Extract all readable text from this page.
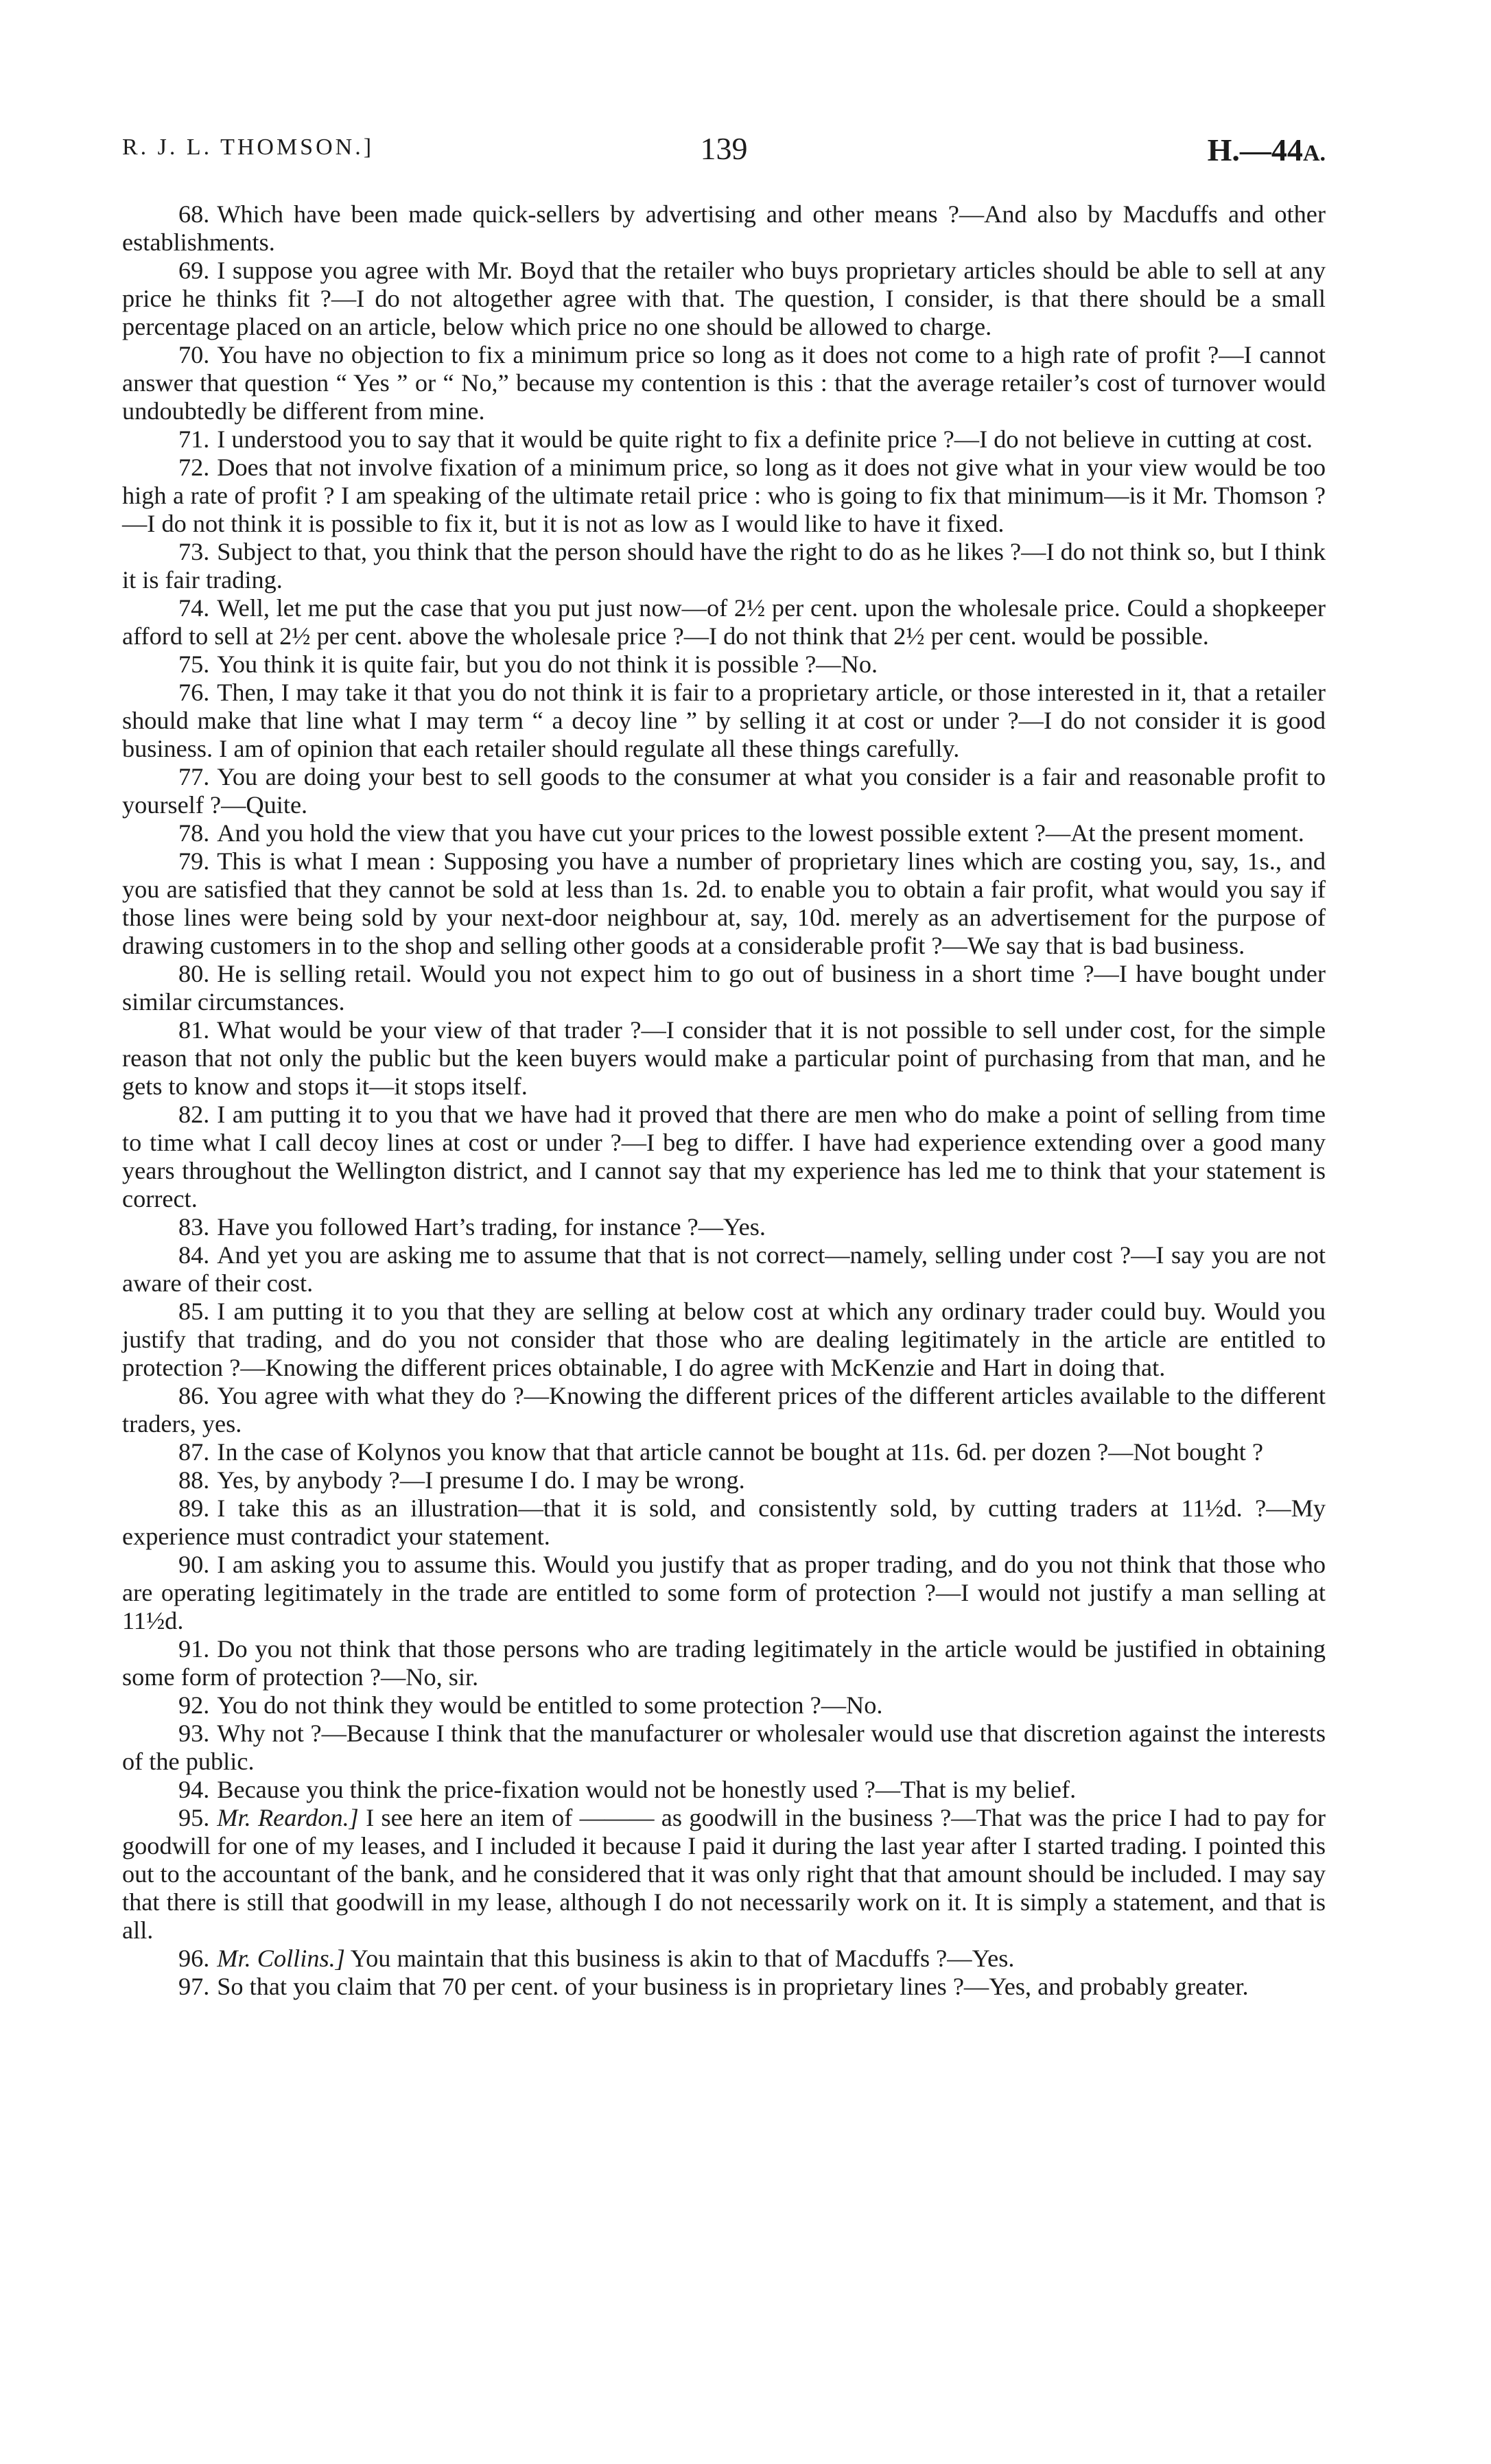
R. J. L. THOMSON.]	139	H.—44A.

68. Which have been made quick-sellers by advertising and other means ?—And also by Macduffs and other establishments.

69. I suppose you agree with Mr. Boyd that the retailer who buys proprietary articles should be able to sell at any price he thinks fit ?—I do not altogether agree with that. The question, I consider, is that there should be a small percentage placed on an article, below which price no one should be allowed to charge.

70. You have no objection to fix a minimum price so long as it does not come to a high rate of profit ?—I cannot answer that question “ Yes ” or “ No,” because my contention is this : that the average retailer’s cost of turnover would undoubtedly be different from mine.

71. I understood you to say that it would be quite right to fix a definite price ?—I do not believe in cutting at cost.

72. Does that not involve fixation of a minimum price, so long as it does not give what in your view would be too high a rate of profit ? I am speaking of the ultimate retail price : who is going to fix that minimum—is it Mr. Thomson ?—I do not think it is possible to fix it, but it is not as low as I would like to have it fixed.

73. Subject to that, you think that the person should have the right to do as he likes ?—I do not think so, but I think it is fair trading.

74. Well, let me put the case that you put just now—of 2½ per cent. upon the wholesale price. Could a shopkeeper afford to sell at 2½ per cent. above the wholesale price ?—I do not think that 2½ per cent. would be possible.

75. You think it is quite fair, but you do not think it is possible ?—No.

76. Then, I may take it that you do not think it is fair to a proprietary article, or those interested in it, that a retailer should make that line what I may term “ a decoy line ” by selling it at cost or under ?—I do not consider it is good business. I am of opinion that each retailer should regulate all these things carefully.

77. You are doing your best to sell goods to the consumer at what you consider is a fair and reasonable profit to yourself ?—Quite.

78. And you hold the view that you have cut your prices to the lowest possible extent ?—At the present moment.

79. This is what I mean : Supposing you have a number of proprietary lines which are costing you, say, 1s., and you are satisfied that they cannot be sold at less than 1s. 2d. to enable you to obtain a fair profit, what would you say if those lines were being sold by your next-door neighbour at, say, 10d. merely as an advertisement for the purpose of drawing customers in to the shop and selling other goods at a considerable profit ?—We say that is bad business.

80. He is selling retail. Would you not expect him to go out of business in a short time ?—I have bought under similar circumstances.

81. What would be your view of that trader ?—I consider that it is not possible to sell under cost, for the simple reason that not only the public but the keen buyers would make a particular point of purchasing from that man, and he gets to know and stops it—it stops itself.

82. I am putting it to you that we have had it proved that there are men who do make a point of selling from time to time what I call decoy lines at cost or under ?—I beg to differ. I have had experience extending over a good many years throughout the Wellington district, and I cannot say that my experience has led me to think that your statement is correct.

83. Have you followed Hart’s trading, for instance ?—Yes.

84. And yet you are asking me to assume that that is not correct—namely, selling under cost ?—I say you are not aware of their cost.

85. I am putting it to you that they are selling at below cost at which any ordinary trader could buy. Would you justify that trading, and do you not consider that those who are dealing legitimately in the article are entitled to protection ?—Knowing the different prices obtainable, I do agree with McKenzie and Hart in doing that.

86. You agree with what they do ?—Knowing the different prices of the different articles available to the different traders, yes.

87. In the case of Kolynos you know that that article cannot be bought at 11s. 6d. per dozen ?—Not bought ?

88. Yes, by anybody ?—I presume I do. I may be wrong.

89. I take this as an illustration—that it is sold, and consistently sold, by cutting traders at 11½d. ?—My experience must contradict your statement.

90. I am asking you to assume this. Would you justify that as proper trading, and do you not think that those who are operating legitimately in the trade are entitled to some form of protection ?—I would not justify a man selling at 11½d.

91. Do you not think that those persons who are trading legitimately in the article would be justified in obtaining some form of protection ?—No, sir.

92. You do not think they would be entitled to some protection ?—No.

93. Why not ?—Because I think that the manufacturer or wholesaler would use that discretion against the interests of the public.

94. Because you think the price-fixation would not be honestly used ?—That is my belief.

95. Mr. Reardon.] I see here an item of ——— as goodwill in the business ?—That was the price I had to pay for goodwill for one of my leases, and I included it because I paid it during the last year after I started trading. I pointed this out to the accountant of the bank, and he considered that it was only right that that amount should be included. I may say that there is still that goodwill in my lease, although I do not necessarily work on it. It is simply a statement, and that is all.

96. Mr. Collins.] You maintain that this business is akin to that of Macduffs ?—Yes.

97. So that you claim that 70 per cent. of your business is in proprietary lines ?—Yes, and probably greater.
